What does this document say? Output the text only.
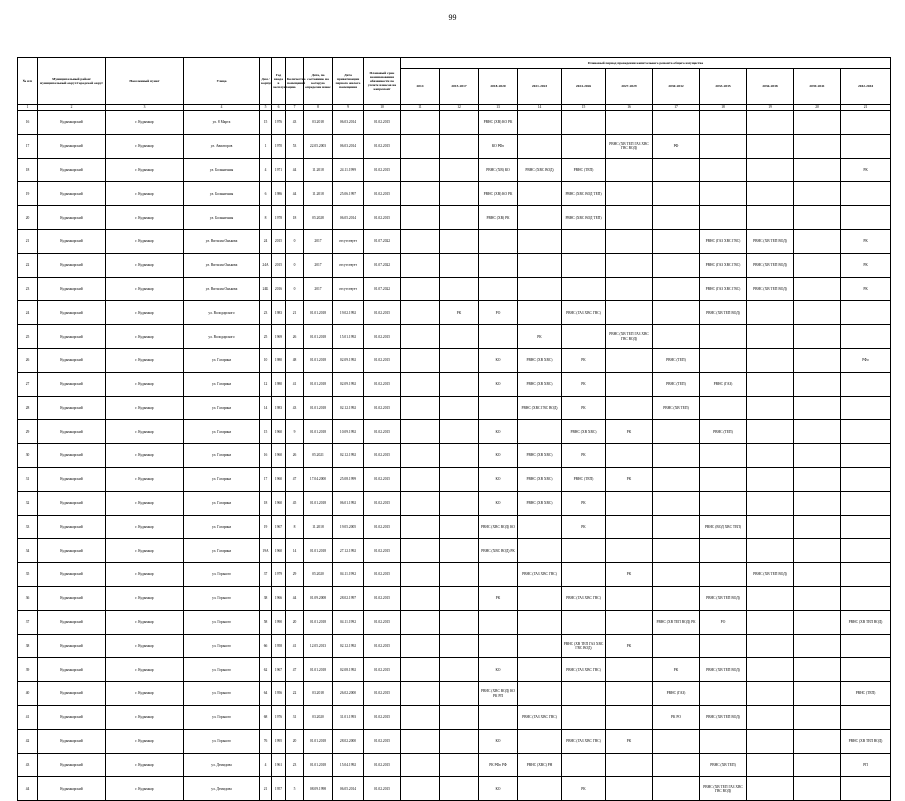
99
№ п/п	Муниципальный район/ муниципальный округ/городской округ	Населенный пункт	Улица	Дом / корпус	Год ввода в эксплуатацию	Количество помещений	Дата, по состоянию на которую определен износ	Дата приватизации первого жилого помещения	Плановый срок возникновения обязанности по уплате взносов на капремонт	Плановый период проведения капитального ремонта общего имущества										
										2014	2015-2017	2018-2020	2021-2023	2024-2026	2027-2029	2030-2032	2033-2035	2036-2038	2039-2041	2042-2044
1	2	3	4	5	6	7	8	9	10	11	12	13	14	15	16	17	18	19	20	21
16	Кудымкарский	г. Кудымкар	ул. 8 Марта	15	1976	43	03.2018	06.03.2014	01.02.2015			РВНС (ХВ) КО РК								
17	Кудымкарский	г. Кудымкар	ул. Авиаторов	1	1970	53	22.05.2003	06.03.2014	01.02.2015			КО РФо			РВНС (ХВ ТЕП ГАЗ ХВС ГВС ВОД)	РФ				
18	Кудымкарский	г. Кудымкар	ул. Больничная	4	1971	44	11.2018	24.11.1999	01.02.2015			РВНС (ХВ) КО	РВНС (ХВС ВОД)	РВНС (ТЕП)						РК
19	Кудымкарский	г. Кудымкар	ул. Больничная	6	1986	44	11.2018	25.06.1997	01.02.2015			РВНС (ХВ) КО РК		РВНС (ХВС ВОД ТЕП)						
20	Кудымкарский	г. Кудымкар	ул. Больничная	8	1978	18	05.2028	06.05.2014	01.02.2015			РВНС (ХВ) РК		РВНС (ХВС ВОД ТЕП)						
21	Кудымкарский	г. Кудымкар	ул. Витасия Онькова	24	2015	0	2017	отсутствует	01.07.2022								РВНС (ГАЗ ХВС ГВС)	РВНС (ХВ ТЕП ВОД)		РК
22	Кудымкарский	г. Кудымкар	ул. Витасия Онькова	24А	2015	0	2017	отсутствует	01.07.2022								РВНС (ГАЗ ХВС ГВС)	РВНС (ХВ ТЕП ВОД)		РК
23	Кудымкарский	г. Кудымкар	ул. Витасия Онькова	24Б	2016	0	2017	отсутствует	01.07.2022								РВНС (ГАЗ ХВС ГВС)	РВНС (ХВ ТЕП ВОД)		РК
24	Кудымкарский	г. Кудымкар	ул. Володарского	23	1983	21	01.01.2018	19.02.1992	01.02.2015		РК	РО		РВНС (ГАЗ ХВС ГВС)			РВНС (ХВ ТЕП ВОД)			
25	Кудымкарский	г. Кудымкар	ул. Володарского	25	1969	26	01.01.2018	15.01.1992	01.02.2015				РК		РВНС (ХВ ТЕП ГАЗ ХВС ГВС ВОД)					
26	Кудымкарский	г. Кудымкар	ул. Гагарина	10	1980	48	01.01.2018	02.09.1992	01.02.2015			КО	РВНС (ХВ ХВС)	РК		РВНС (ТЕП)				РФо
27	Кудымкарский	г. Кудымкар	ул. Гагарина	12	1980	41	01.01.2018	02.09.1992	01.02.2015			КО	РВНС (ХВ ХВС)	РК		РВНС (ТЕП)	РВНС (ГАЗ)			
28	Кудымкарский	г. Кудымкар	ул. Гагарина	14	1983	43	01.01.2018	02.12.1992	01.02.2015				РВНС (ХВС ГВС ВОД)	РК		РВНС (ХВ ТЕП)				
29	Кудымкарский	г. Кудымкар	ул. Гагарина	15	1960	9	01.01.2018	10.09.1992	01.02.2015			КО		РВНС (ХВ ХВС)	РК		РВНС (ТЕП)			
30	Кудымкарский	г. Кудымкар	ул. Гагарина	16	1960	26	05.2021	02.12.1992	01.02.2015			КО	РВНС (ХВ ХВС)	РК						
31	Кудымкарский	г. Кудымкар	ул. Гагарина	17	1960	47	17.04.2000	25.08.1999	01.02.2015			КО	РВНС (ХВ ХВС)	РВНС (ТЕП)	РК					
32	Кудымкарский	г. Кудымкар	ул. Гагарина	18	1960	45	01.01.2018	06.01.1992	01.02.2015			КО	РВНС (ХВ ХВС)	РК						
33	Кудымкарский	г. Кудымкар	ул. Гагарина	19	1967	8	11.2018	19.05.2005	01.02.2015			РВНС (ХВС ВОД) КО		РК			РВНС (ВОД ХВС ТЕП)			
34	Кудымкарский	г. Кудымкар	ул. Гагарина	19А	1960	14	01.01.2018	27.12.1992	01.02.2015			РВНС (ХВС ВОД) РК								
35	Кудымкарский	г. Кудымкар	ул. Горького	37	1979	29	05.2020	04.11.1992	01.02.2015				РВНС (ГАЗ ХВС ГВС)		РК			РВНС (ХВ ТЕП ВОД)		
36	Кудымкарский	г. Кудымкар	ул. Горького	38	1966	44	01.09.2008	28.02.1997	01.02.2015			РК		РВНС (ГАЗ ХВС ГВС)			РВНС (ХВ ТЕП ВОД)			
37	Кудымкарский	г. Кудымкар	ул. Горького	58	1990	20	01.01.2018	04.11.1992	01.02.2015							РВНС (ХВ ТЕП ВОД) РК	РО			РВНС (ХВ ТЕП ВОД)
38	Кудымкарский	г. Кудымкар	ул. Горького	66	1958	41	12.05.2013	02.12.1992	01.02.2015					РВНС (ХВ ТЕП ГАЗ ХВС ГВС ВОД)	РК					
39	Кудымкарский	г. Кудымкар	ул. Горького	62	1967	47	01.01.2018	02.08.1992	01.02.2015			КО		РВНС (ГАЗ ХВС ГВС)		РК	РВНС (ХВ ТЕП ВОД)			
40	Кудымкарский	г. Кудымкар	ул. Горького	64	1956	22	03.2018	26.02.2000	01.02.2015			РВНС (ХВС ВОД) КО РК РП				РВНС (ГАЗ)				РВНС (ТЕП)
41	Кудымкарский	г. Кудымкар	ул. Горького	68	1976	31	03.2020	31.01.1993	01.02.2015				РВНС (ГАЗ ХВС ГВС)			РК РО	РВНС (ХВ ТЕП ВОД)			
42	Кудымкарский	г. Кудымкар	ул. Горького	76	1995	20	01.01.2018	28.02.2000	01.02.2015			КО		РВНС (ГАЗ ХВС ГВС)	РК					РВНС (ХВ ТЕП ВОД)
43	Кудымкарский	г. Кудымкар	ул. Демидова	4	1961	23	01.01.2018	15.04.1992	01.02.2015			РК РФо РФ	РВНС (ХВС) РН				РВНС (ХВ ТЕП)			РП
44	Кудымкарский	г. Кудымкар	ул. Демидова	21	1957	5	08.09.1998	06.05.2014	01.02.2015			КО		РК			РВНС (ХВ ТЕП ГАЗ ХВС ГВС ВОД)			
